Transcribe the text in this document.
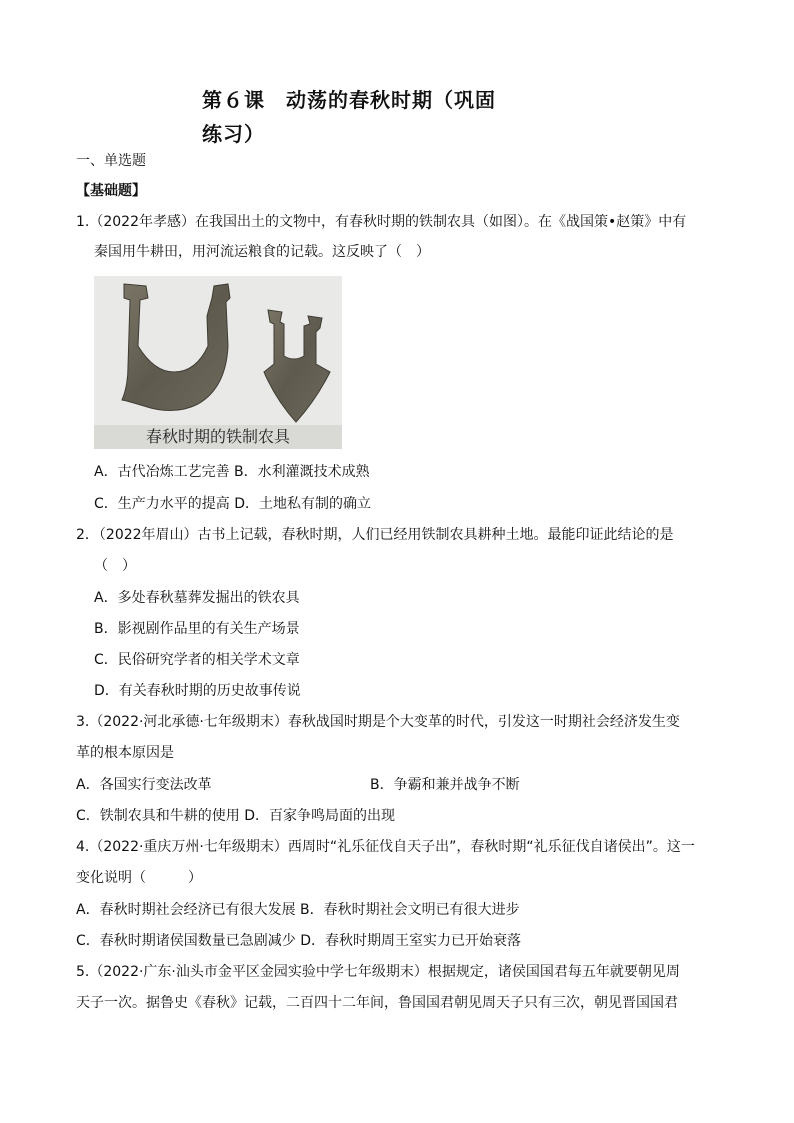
第６课　动荡的春秋时期（巩固
练习）
一、单选题
【基础题】
1.（2022年孝感）在我国出土的文物中，有春秋时期的铁制农具（如图）。在《战国策•赵策》中有
秦国用牛耕田，用河流运粮食的记载。这反映了（　）
春秋时期的铁制农具
A．古代冶炼工艺完善 B．水利灌溉技术成熟
C．生产力水平的提高 D．土地私有制的确立
2．（2022年眉山）古书上记载，春秋时期，人们已经用铁制农具耕种土地。最能印证此结论的是
（　）
A．多处春秋墓葬发掘出的铁农具
B．影视剧作品里的有关生产场景
C．民俗研究学者的相关学术文章
D．有关春秋时期的历史故事传说
3.（2022·河北承德·七年级期末）春秋战国时期是个大变革的时代，引发这一时期社会经济发生变
革的根本原因是
A．各国实行变法改革	B．争霸和兼并战争不断
C．铁制农具和牛耕的使用 D．百家争鸣局面的出现
4.（2022·重庆万州·七年级期末）西周时“礼乐征伐自天子出”，春秋时期“礼乐征伐自诸侯出”。这一
变化说明（　　　）
A．春秋时期社会经济已有很大发展 B．春秋时期社会文明已有很大进步
C．春秋时期诸侯国数量已急剧减少 D．春秋时期周王室实力已开始衰落
5.（2022·广东·汕头市金平区金园实验中学七年级期末）根据规定，诸侯国国君每五年就要朝见周
天子一次。据鲁史《春秋》记载，二百四十二年间，鲁国国君朝见周天子只有三次，朝见晋国国君
